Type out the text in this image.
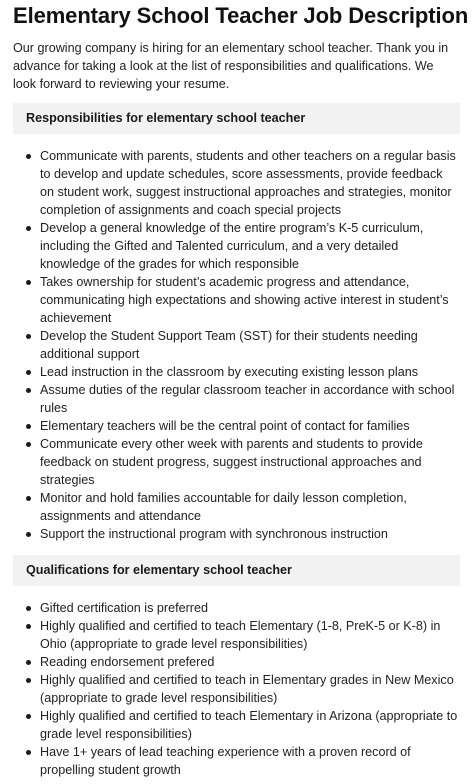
Elementary School Teacher Job Description

Our growing company is hiring for an elementary school teacher. Thank you in advance for taking a look at the list of responsibilities and qualifications. We look forward to reviewing your resume.

Responsibilities for elementary school teacher
Communicate with parents, students and other teachers on a regular basis to develop and update schedules, score assessments, provide feedback on student work, suggest instructional approaches and strategies, monitor completion of assignments and coach special projects
Develop a general knowledge of the entire program’s K-5 curriculum, including the Gifted and Talented curriculum, and a very detailed knowledge of the grades for which responsible
Takes ownership for student’s academic progress and attendance, communicating high expectations and showing active interest in student’s achievement
Develop the Student Support Team (SST) for their students needing additional support
Lead instruction in the classroom by executing existing lesson plans
Assume duties of the regular classroom teacher in accordance with school rules
Elementary teachers will be the central point of contact for families
Communicate every other week with parents and students to provide feedback on student progress, suggest instructional approaches and strategies
Monitor and hold families accountable for daily lesson completion, assignments and attendance
Support the instructional program with synchronous instruction
Qualifications for elementary school teacher
Gifted certification is preferred
Highly qualified and certified to teach Elementary (1-8, PreK-5 or K-8) in Ohio (appropriate to grade level responsibilities)
Reading endorsement prefered
Highly qualified and certified to teach in Elementary grades in New Mexico (appropriate to grade level responsibilities)
Highly qualified and certified to teach Elementary in Arizona (appropriate to grade level responsibilities)
Have 1+ years of lead teaching experience with a proven record of propelling student growth
